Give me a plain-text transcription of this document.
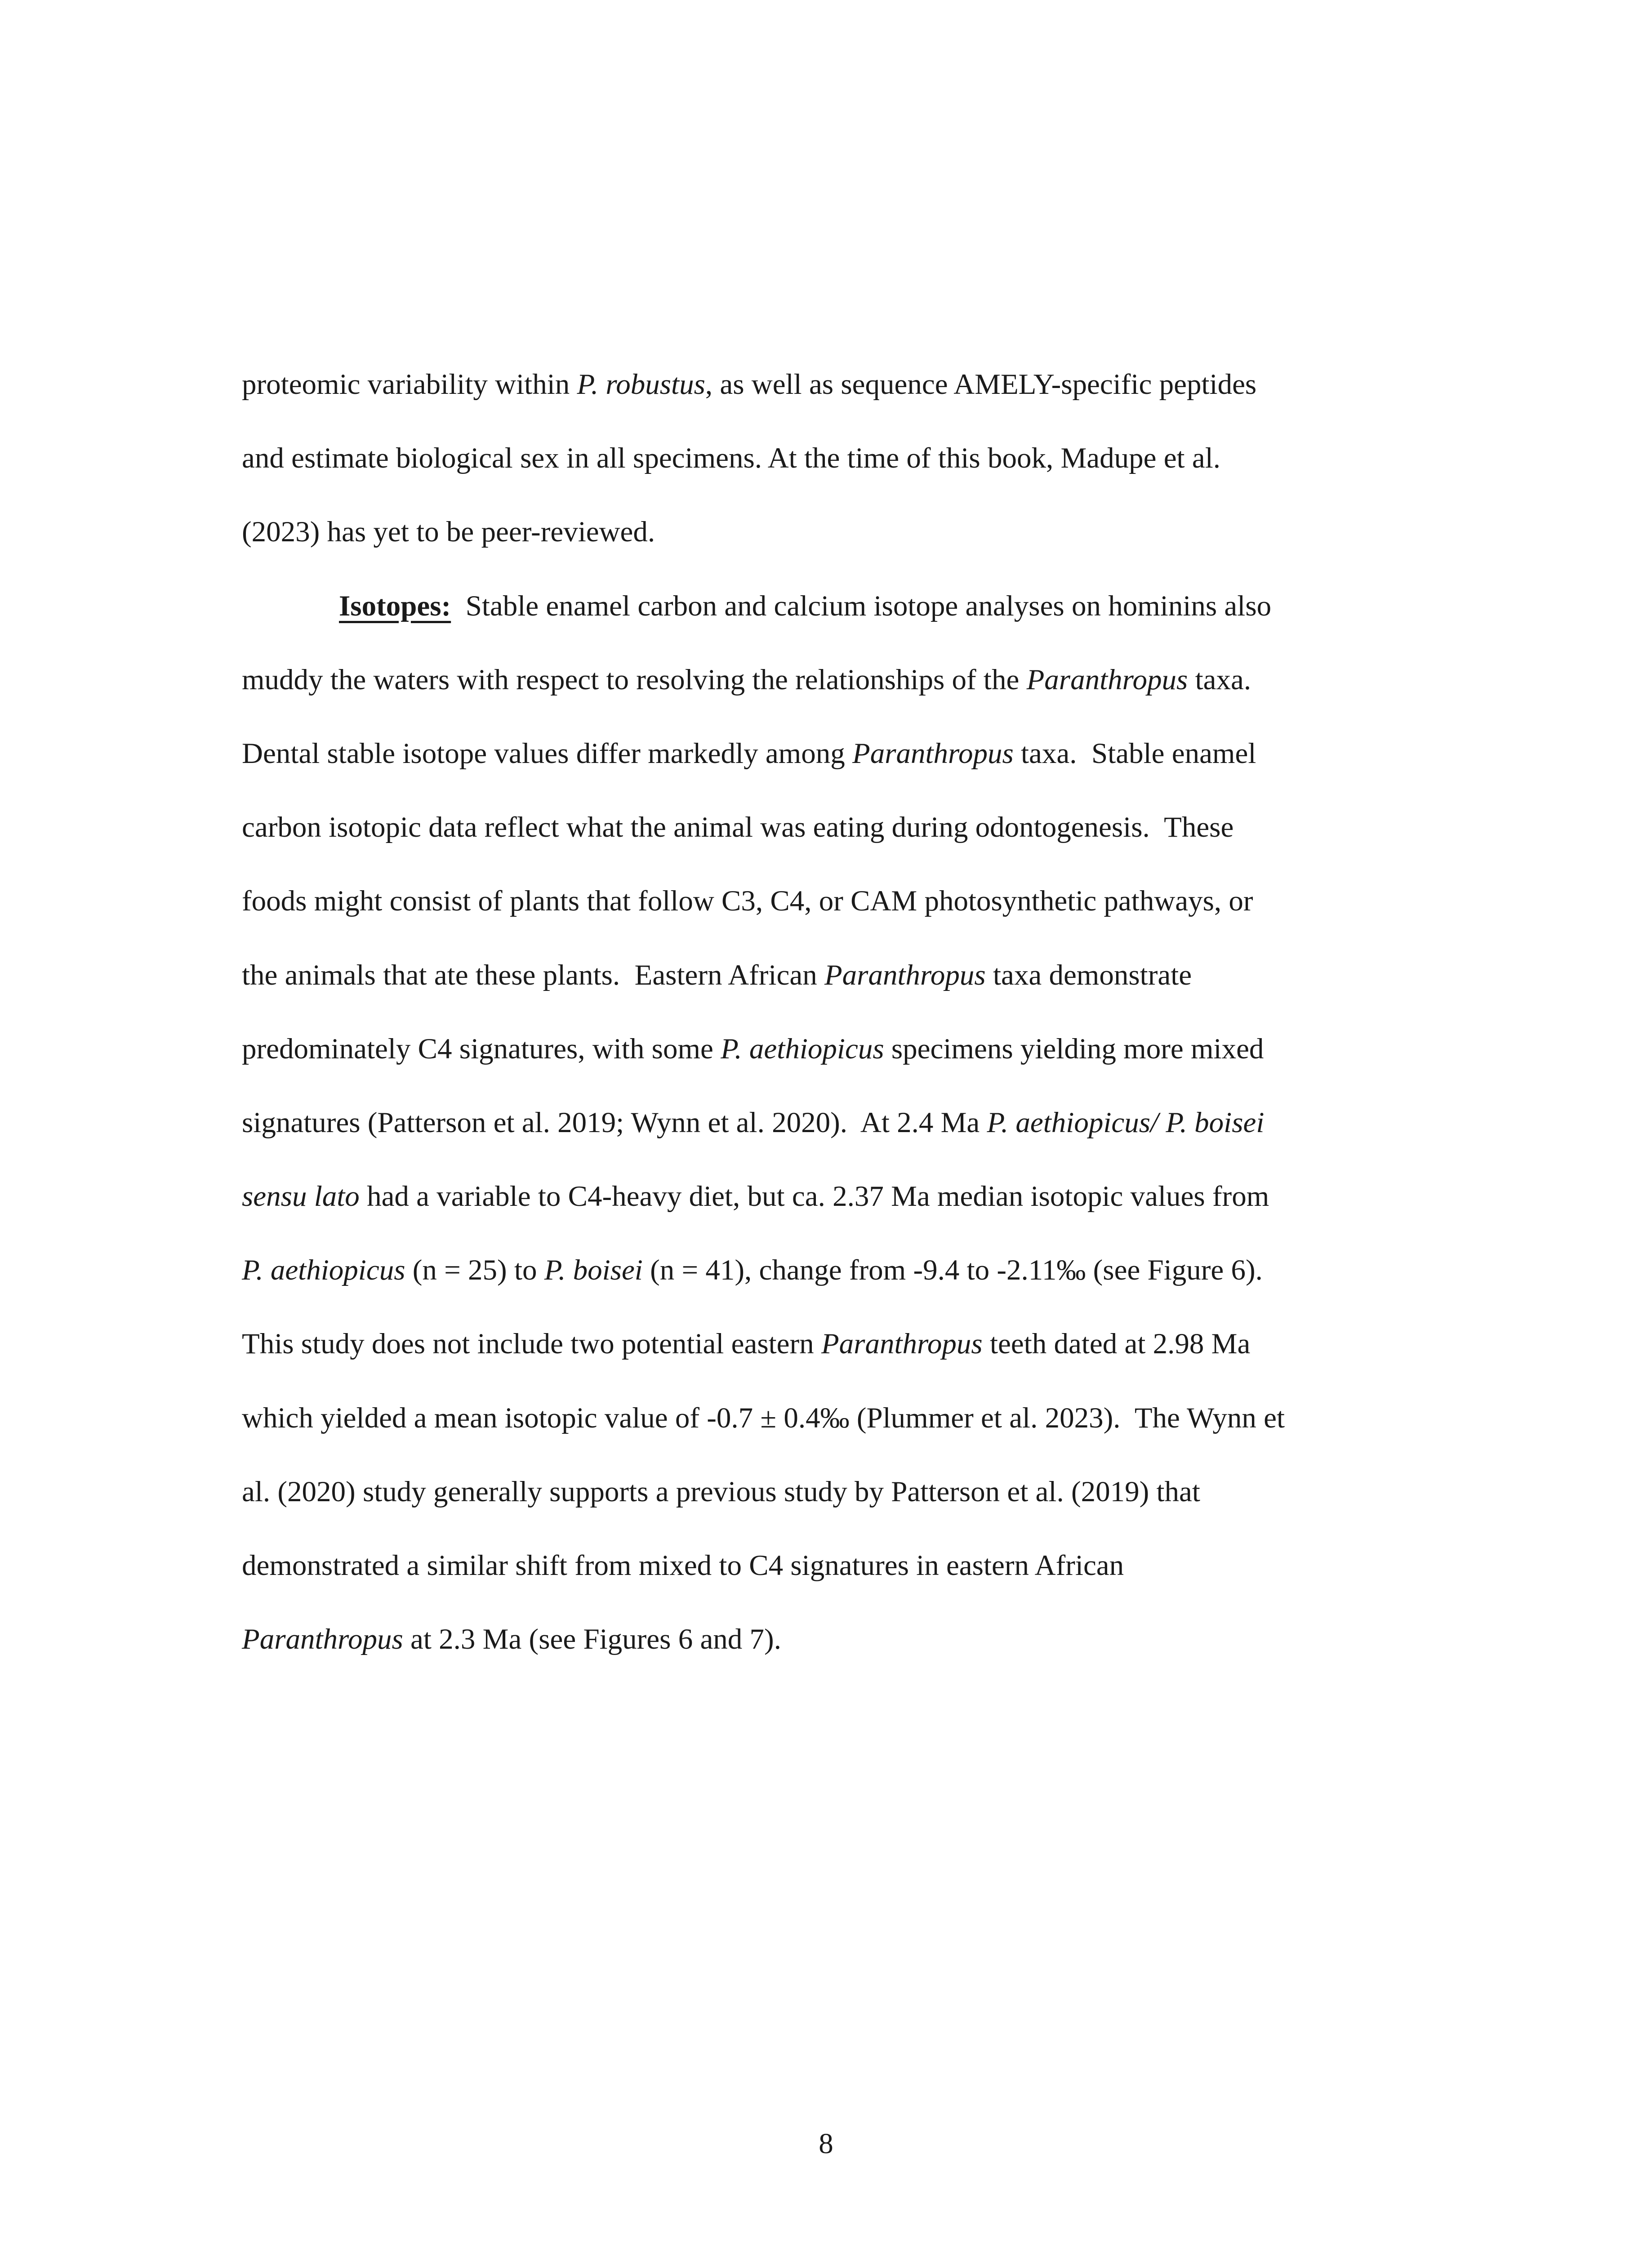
proteomic variability within P. robustus, as well as sequence AMELY-specific peptides
and estimate biological sex in all specimens. At the time of this book, Madupe et al.
(2023) has yet to be peer-reviewed.
Isotopes:  Stable enamel carbon and calcium isotope analyses on hominins also
muddy the waters with respect to resolving the relationships of the Paranthropus taxa.
Dental stable isotope values differ markedly among Paranthropus taxa.  Stable enamel
carbon isotopic data reflect what the animal was eating during odontogenesis.  These
foods might consist of plants that follow C3, C4, or CAM photosynthetic pathways, or
the animals that ate these plants.  Eastern African Paranthropus taxa demonstrate
predominately C4 signatures, with some P. aethiopicus specimens yielding more mixed
signatures (Patterson et al. 2019; Wynn et al. 2020).  At 2.4 Ma P. aethiopicus/ P. boisei
sensu lato had a variable to C4-heavy diet, but ca. 2.37 Ma median isotopic values from
P. aethiopicus (n = 25) to P. boisei (n = 41), change from -9.4 to -2.11‰ (see Figure 6).
This study does not include two potential eastern Paranthropus teeth dated at 2.98 Ma
which yielded a mean isotopic value of -0.7 ± 0.4‰ (Plummer et al. 2023).  The Wynn et
al. (2020) study generally supports a previous study by Patterson et al. (2019) that
demonstrated a similar shift from mixed to C4 signatures in eastern African
Paranthropus at 2.3 Ma (see Figures 6 and 7).
8
